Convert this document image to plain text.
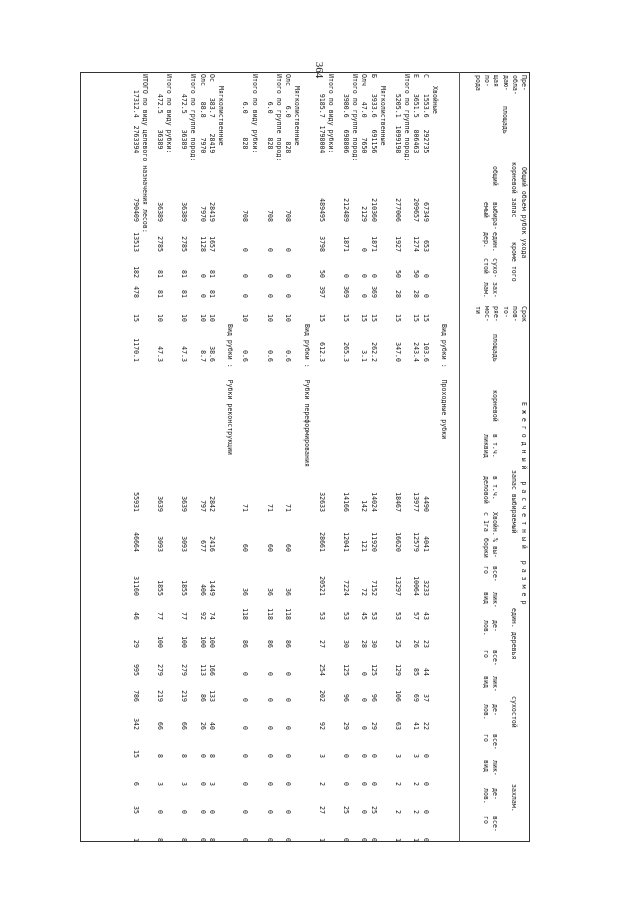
364

Пре-
обла-
даю-
щая
по-
рода

площадь

Общий объем рубок ухода

корневой запас

кроме того

общий

выбира-
емый

един.
дер.

сухо-
стой

зах-
лам.

Срок
пов-
то-
ряе-
мос-
ти

площадь

Е ж е г о д н ы й   р а с ч е т н ы й   р а з м е р

корневой

в т.ч.
ликвид

запас выбираемый

в т.ч.
деловой

Хвойн.
с 1га

% вы-
борки

един. деревья

сухостой

захлам.

все-
го

лик-
вид

де-
лов.

все-
го

лик-
вид

де-
лов.

все-
го

лик-
вид

де-
лов.

все-
го

Вид рубки :   Проходные рубки
Хвойные
С    1553.6   292735
67349
653
0
0
15
103.6
4490
4041
3233
43
23
44
37
22
0
0
0
0
Е    3651.5   806463
209657
1274
50
28
15
243.4
13977
12579
10064
57
26
85
69
41
3
2
2
1
Итого по группе пород:
5205.1  1099198
277006
1927
50
28
15
347.0
18467
16620
13297
53
25
129
106
63
3
2
2
1
Мягколиственные
Б    3933.6   691156
210360
1871
0
369
15
262.2
14024
11920
7152
53
30
125
96
29
0
0
25
0
Олч    47.0     7650
2129
0
0
0
15
3.1
142
121
72
45
28
0
0
0
0
0
0
0
Итого по группе пород:
3980.6   698806
212489
1871
0
369
15
265.3
14166
12041
7224
53
30
125
96
29
0
0
25
0
Итого по виду рубки:
9185.7  1798004
489495
3798
50
397
15
612.3
32633
28661
20521
53
27
254
202
92
3
2
27
1
Вид рубки :   Рубки переформирования
Мягколиственные
Олс     6.0      828
708
0
0
0
10
0.6
71
60
36
118
86
0
0
0
0
0
0
0
Итого по группе пород:
6.0      828
708
0
0
0
10
0.6
71
60
36
118
86
0
0
0
0
0
0
0
Итого по виду рубки:
6.0      828
708
0
0
0
10
0.6
71
60
36
118
86
0
0
0
0
0
0
0
Вид рубки :   Рубки реконструкции
Мягколиственные
Ос    383.7    28419
28419
1657
81
81
10
38.6
2842
2416
1449
74
100
166
133
40
8
3
0
8
Олс    88.8     7970
7970
1128
0
0
10
8.7
797
677
406
92
100
113
86
26
0
0
0
0
Итого по группе пород:
472.5    36389
36389
2785
81
81
10
47.3
3639
3093
1855
77
100
279
219
66
8
3
0
8
Итого по виду рубки:
472.5    36389
36389
2785
81
81
10
47.3
3639
3093
1855
77
100
279
219
66
8
3
0
8
ИТОГО по виду целевого назначения лесов:
17312.4  2763394
790409
13513
182
478
15
1170.1
55931
46664
31160
46
29
995
786
342
15
6
35
1
